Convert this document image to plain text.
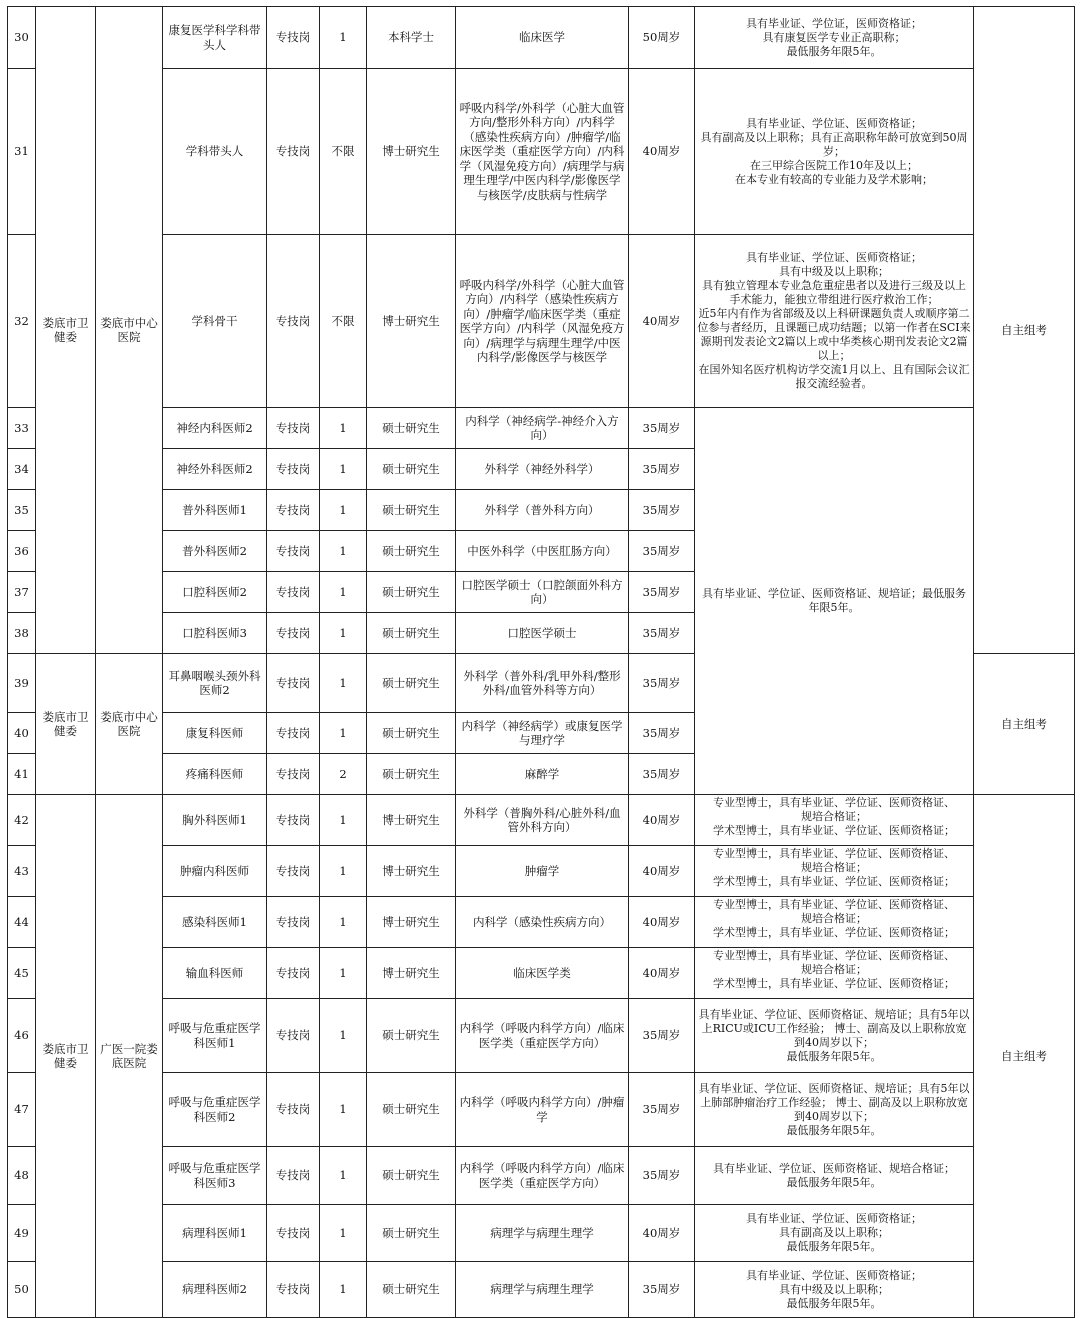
30	娄底市卫健委	娄底市中心医院	康复医学科学科带头人	专技岗	1	本科学士	临床医学	50周岁	具有毕业证、学位证，医师资格证；
具有康复医学专业正高职称；
最低服务年限5年。	自主组考
31			学科带头人	专技岗	不限	博士研究生	呼吸内科学/外科学（心脏大血管方向/整形外科方向）/内科学（感染性疾病方向）/肿瘤学/临床医学类（重症医学方向）/内科学（风湿免疫方向）/病理学与病理生理学/中医内科学/影像医学与核医学/皮肤病与性病学	40周岁	具有毕业证、学位证、医师资格证；
具有副高及以上职称；具有正高职称年龄可放宽到50周岁；
在三甲综合医院工作10年及以上；
在本专业有较高的专业能力及学术影响；	

32			学科骨干	专技岗	不限	博士研究生	呼吸内科学/外科学（心脏大血管方向）/内科学（感染性疾病方向）/肿瘤学/临床医学类（重症医学方向）/内科学（风湿免疫方向）/病理学与病理生理学/中医内科学/影像医学与核医学	40周岁	具有毕业证、学位证、医师资格证；
具有中级及以上职称；
具有独立管理本专业急危重症患者以及进行三级及以上手术能力，能独立带组进行医疗救治工作；
近5年内有作为省部级及以上科研课题负责人或顺序第二位参与者经历，且课题已成功结题；以第一作者在SCI来源期刊发表论文2篇以上或中华类核心期刊发表论文2篇以上；
在国外知名医疗机构访学交流1月以上、且有国际会议汇报交流经验者。	

33			神经内科医师2	专技岗	1	硕士研究生	内科学（神经病学-神经介入方向）	35周岁	具有毕业证、学位证、医师资格证、规培证；最低服务年限5年。	
34			神经外科医师2	专技岗	1	硕士研究生	外科学（神经外科学）	35周岁		
35			普外科医师1	专技岗	1	硕士研究生	外科学（普外科方向）	35周岁		
36			普外科医师2	专技岗	1	硕士研究生	中医外科学（中医肛肠方向）	35周岁		
37			口腔科医师2	专技岗	1	硕士研究生	口腔医学硕士（口腔颌面外科方向）	35周岁		
38			口腔科医师3	专技岗	1	硕士研究生	口腔医学硕士	35周岁		
39	娄底市卫健委	娄底市中心医院	耳鼻咽喉头颈外科医师2	专技岗	1	硕士研究生	外科学（普外科/乳甲外科/整形外科/血管外科等方向）	35周岁		自主组考
40			康复科医师	专技岗	1	硕士研究生	内科学（神经病学）或康复医学与理疗学	35周岁		
41			疼痛科医师	专技岗	2	硕士研究生	麻醉学	35周岁		
42	娄底市卫健委	广医一院娄底医院	胸外科医师1	专技岗	1	博士研究生	外科学（普胸外科/心脏外科/血管外科方向）	40周岁	专业型博士，具有毕业证、学位证、医师资格证、
规培合格证；
学术型博士，具有毕业证、学位证、医师资格证；	自主组考
43			肿瘤内科医师	专技岗	1	博士研究生	肿瘤学	40周岁	专业型博士，具有毕业证、学位证、医师资格证、
规培合格证；
学术型博士，具有毕业证、学位证、医师资格证；	

44			感染科医师1	专技岗	1	博士研究生	内科学（感染性疾病方向）	40周岁	专业型博士，具有毕业证、学位证、医师资格证、
规培合格证；
学术型博士，具有毕业证、学位证、医师资格证；	

45			输血科医师	专技岗	1	博士研究生	临床医学类	40周岁	专业型博士，具有毕业证、学位证、医师资格证、
规培合格证；
学术型博士，具有毕业证、学位证、医师资格证；	

46			呼吸与危重症医学科医师1	专技岗	1	硕士研究生	内科学（呼吸内科学方向）/临床医学类（重症医学方向）	35周岁	具有毕业证、学位证、医师资格证、规培证；具有5年以上RICU或ICU工作经验； 博士、副高及以上职称放宽到40周岁以下；
最低服务年限5年。	

47			呼吸与危重症医学科医师2	专技岗	1	硕士研究生	内科学（呼吸内科学方向）/肿瘤学	35周岁	具有毕业证、学位证、医师资格证、规培证；具有5年以上肺部肿瘤治疗工作经验； 博士、副高及以上职称放宽到40周岁以下；
最低服务年限5年。	

48			呼吸与危重症医学科医师3	专技岗	1	硕士研究生	内科学（呼吸内科学方向）/临床医学类（重症医学方向）	35周岁	具有毕业证、学位证、医师资格证、规培合格证；
最低服务年限5年。	

49			病理科医师1	专技岗	1	硕士研究生	病理学与病理生理学	40周岁	具有毕业证、学位证、医师资格证；
具有副高及以上职称；
最低服务年限5年。	

50			病理科医师2	专技岗	1	硕士研究生	病理学与病理生理学	35周岁	具有毕业证、学位证、医师资格证；
具有中级及以上职称；
最低服务年限5年。	
